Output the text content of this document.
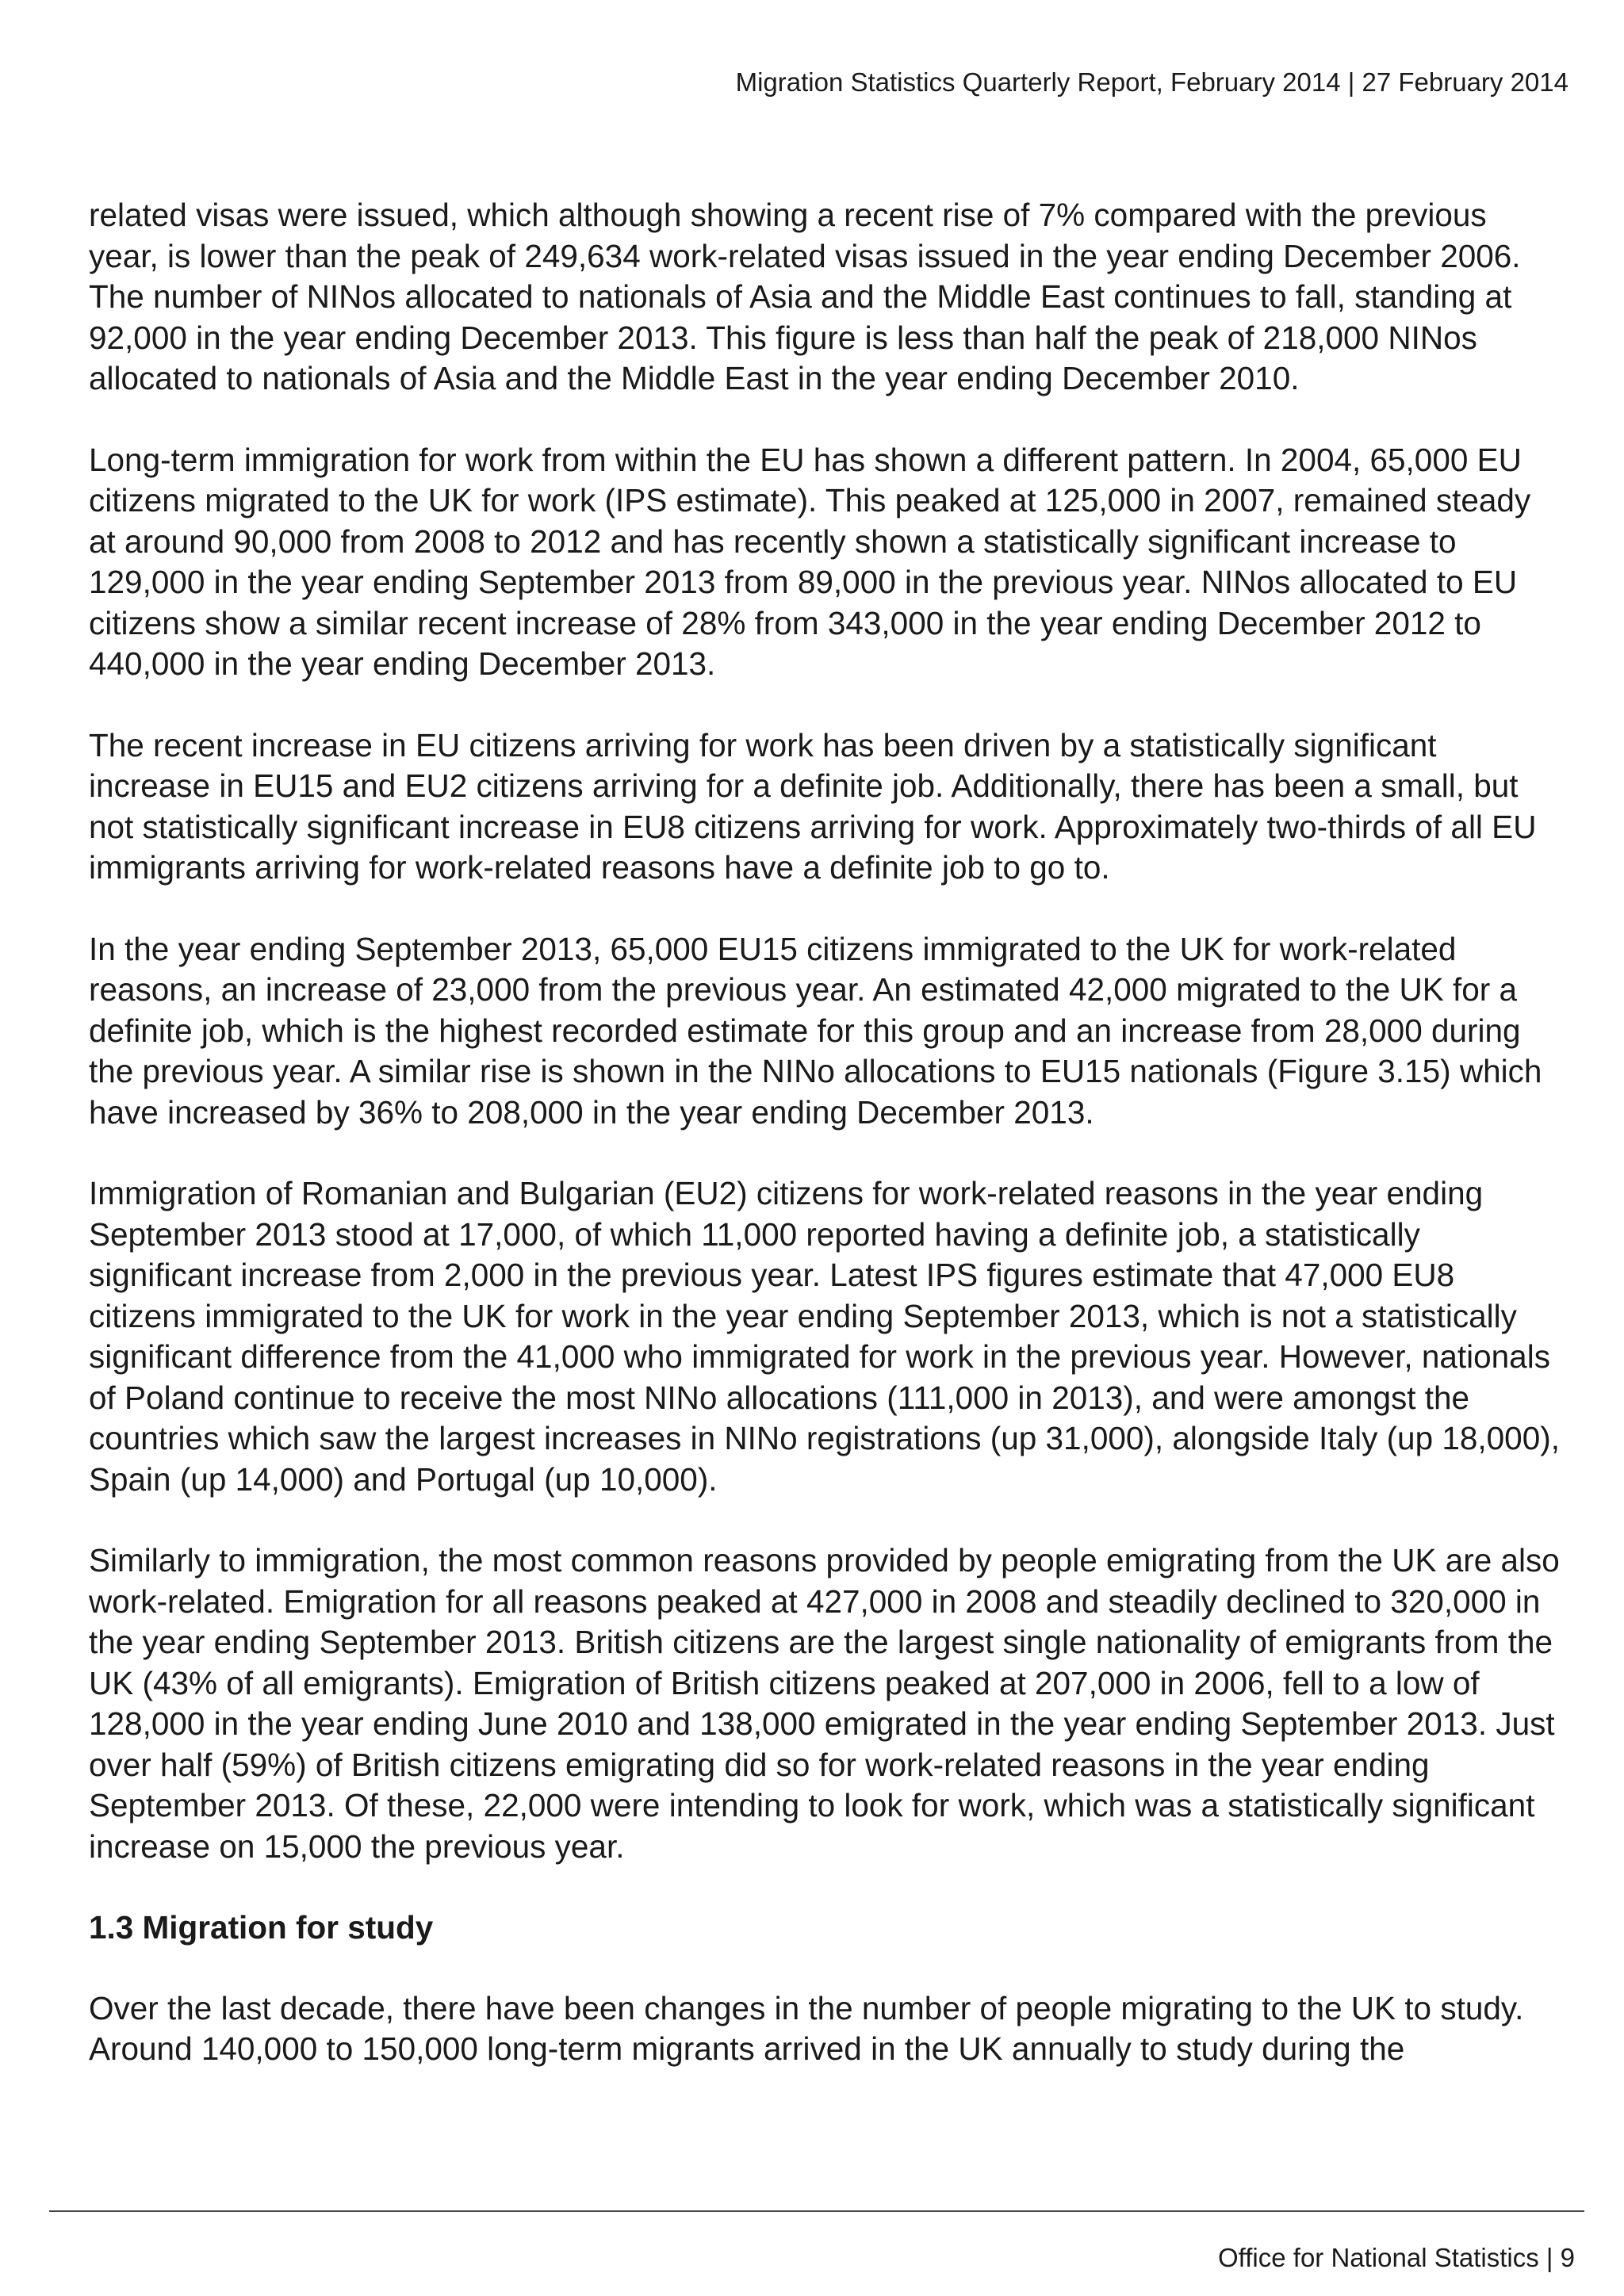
Migration Statistics Quarterly Report, February 2014 | 27 February 2014

related visas were issued, which although showing a recent rise of 7% compared with the previous year, is lower than the peak of 249,634 work-related visas issued in the year ending December 2006. The number of NINos allocated to nationals of Asia and the Middle East continues to fall, standing at 92,000 in the year ending December 2013. This figure is less than half the peak of 218,000 NINos allocated to nationals of Asia and the Middle East in the year ending December 2010.

Long-term immigration for work from within the EU has shown a different pattern. In 2004, 65,000 EU citizens migrated to the UK for work (IPS estimate). This peaked at 125,000 in 2007, remained steady at around 90,000 from 2008 to 2012 and has recently shown a statistically significant increase to 129,000 in the year ending September 2013 from 89,000 in the previous year. NINos allocated to EU citizens show a similar recent increase of 28% from 343,000 in the year ending December 2012 to 440,000 in the year ending December 2013.

The recent increase in EU citizens arriving for work has been driven by a statistically significant increase in EU15 and EU2 citizens arriving for a definite job. Additionally, there has been a small, but not statistically significant increase in EU8 citizens arriving for work. Approximately two-thirds of all EU immigrants arriving for work-related reasons have a definite job to go to.

In the year ending September 2013, 65,000 EU15 citizens immigrated to the UK for work-related reasons, an increase of 23,000 from the previous year. An estimated 42,000 migrated to the UK for a definite job, which is the highest recorded estimate for this group and an increase from 28,000 during the previous year. A similar rise is shown in the NINo allocations to EU15 nationals (Figure 3.15) which have increased by 36% to 208,000 in the year ending December 2013.

Immigration of Romanian and Bulgarian (EU2) citizens for work-related reasons in the year ending September 2013 stood at 17,000, of which 11,000 reported having a definite job, a statistically significant increase from 2,000 in the previous year. Latest IPS figures estimate that 47,000 EU8 citizens immigrated to the UK for work in the year ending September 2013, which is not a statistically significant difference from the 41,000 who immigrated for work in the previous year. However, nationals of Poland continue to receive the most NINo allocations (111,000 in 2013), and were amongst the countries which saw the largest increases in NINo registrations (up 31,000), alongside Italy (up 18,000), Spain (up 14,000) and Portugal (up 10,000).

Similarly to immigration, the most common reasons provided by people emigrating from the UK are also work-related. Emigration for all reasons peaked at 427,000 in 2008 and steadily declined to 320,000 in the year ending September 2013. British citizens are the largest single nationality of emigrants from the UK (43% of all emigrants). Emigration of British citizens peaked at 207,000 in 2006, fell to a low of 128,000 in the year ending June 2010 and 138,000 emigrated in the year ending September 2013. Just over half (59%) of British citizens emigrating did so for work-related reasons in the year ending September 2013. Of these, 22,000 were intending to look for work, which was a statistically significant increase on 15,000 the previous year.

1.3 Migration for study

Over the last decade, there have been changes in the number of people migrating to the UK to study. Around 140,000 to 150,000 long-term migrants arrived in the UK annually to study during the

Office for National Statistics | 9
